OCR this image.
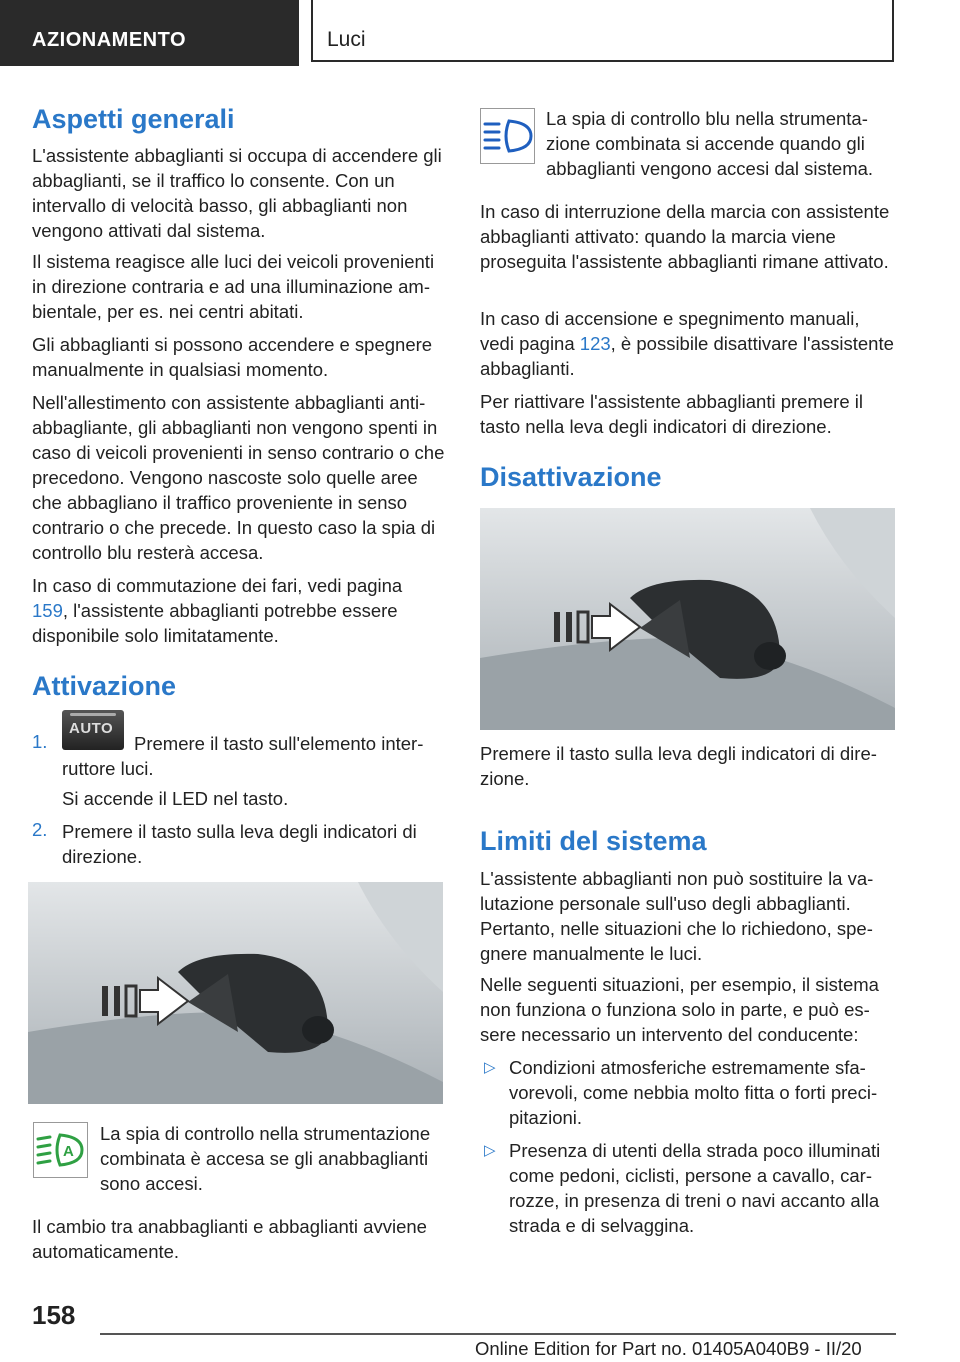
AZIONAMENTO	Luci
Aspetti generali
L'assistente abbaglianti si occupa di accendere gli abbaglianti, se il traffico lo consente. Con un intervallo di velocità basso, gli abbaglianti non vengono attivati dal sistema.
Il sistema reagisce alle luci dei veicoli provenienti in direzione contraria e ad una illuminazione ambientale, per es. nei centri abitati.
Gli abbaglianti si possono accendere e spegnere manualmente in qualsiasi momento.
Nell'allestimento con assistente abbaglianti antiabbagliante, gli abbaglianti non vengono spenti in caso di veicoli provenienti in senso contrario o che precedono. Vengono nascoste solo quelle aree che abbagliano il traffico proveniente in senso contrario o che precede. In questo caso la spia di controllo blu resterà accesa.
In caso di commutazione dei fari, vedi pagina 159, l'assistente abbaglianti potrebbe essere disponibile solo limitatamente.
Attivazione
1.
AUTO
Premere il tasto sull'elemento interruttore luci.
Si accende il LED nel tasto.
2. Premere il tasto sulla leva degli indicatori di direzione.
A
La spia di controllo nella strumentazione combinata è accesa se gli anabbaglianti sono accesi.
Il cambio tra anabbaglianti e abbaglianti avviene automaticamente.
La spia di controllo blu nella strumentazione combinata si accende quando gli abbaglianti vengono accesi dal sistema.
In caso di interruzione della marcia con assistente abbaglianti attivato: quando la marcia viene proseguita l'assistente abbaglianti rimane attivato.
In caso di accensione e spegnimento manuali, vedi pagina 123, è possibile disattivare l'assistente abbaglianti.
Per riattivare l'assistente abbaglianti premere il tasto nella leva degli indicatori di direzione.
Disattivazione
Premere il tasto sulla leva degli indicatori di direzione.
Limiti del sistema
L'assistente abbaglianti non può sostituire la valutazione personale sull'uso degli abbaglianti. Pertanto, nelle situazioni che lo richiedono, spegnere manualmente le luci.
Nelle seguenti situazioni, per esempio, il sistema non funziona o funziona solo in parte, e può essere necessario un intervento del conducente:
▷ Condizioni atmosferiche estremamente sfavorevoli, come nebbia molto fitta o forti precipitazioni.
▷ Presenza di utenti della strada poco illuminati come pedoni, ciclisti, persone a cavallo, carrozze, in presenza di treni o navi accanto alla strada e di selvaggina.
158
Online Edition for Part no. 01405A040B9 - II/20
